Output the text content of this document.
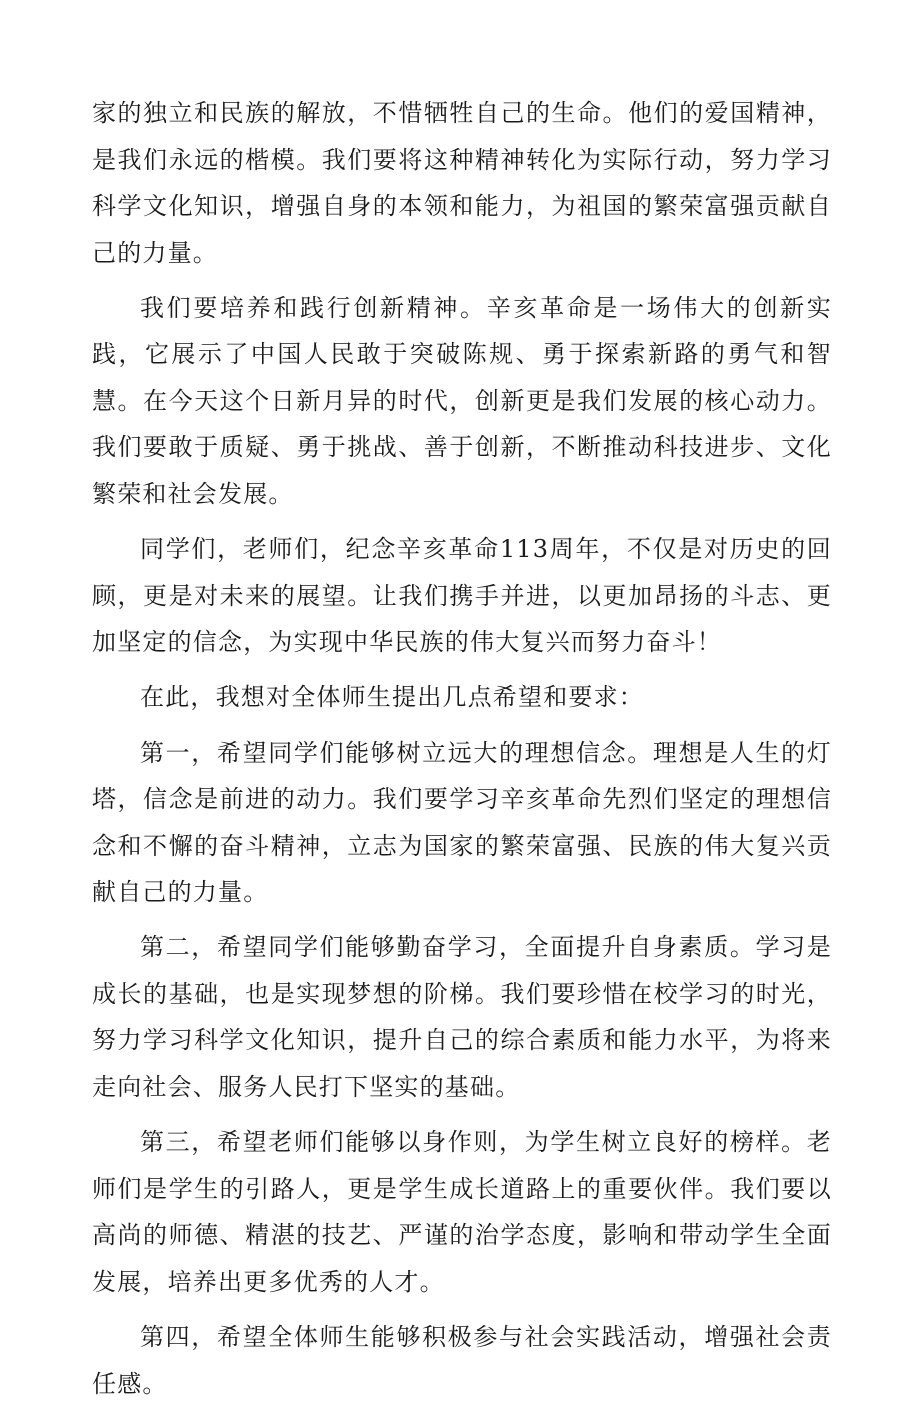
家的独立和民族的解放，不惜牺牲自己的生命。他们的爱国精神，是我们永远的楷模。我们要将这种精神转化为实际行动，努力学习科学文化知识，增强自身的本领和能力，为祖国的繁荣富强贡献自己的力量。

我们要培养和践行创新精神。辛亥革命是一场伟大的创新实践，它展示了中国人民敢于突破陈规、勇于探索新路的勇气和智慧。在今天这个日新月异的时代，创新更是我们发展的核心动力。我们要敢于质疑、勇于挑战、善于创新，不断推动科技进步、文化繁荣和社会发展。

同学们，老师们，纪念辛亥革命113周年，不仅是对历史的回顾，更是对未来的展望。让我们携手并进，以更加昂扬的斗志、更加坚定的信念，为实现中华民族的伟大复兴而努力奋斗！

在此，我想对全体师生提出几点希望和要求：

第一，希望同学们能够树立远大的理想信念。理想是人生的灯塔，信念是前进的动力。我们要学习辛亥革命先烈们坚定的理想信念和不懈的奋斗精神，立志为国家的繁荣富强、民族的伟大复兴贡献自己的力量。

第二，希望同学们能够勤奋学习，全面提升自身素质。学习是成长的基础，也是实现梦想的阶梯。我们要珍惜在校学习的时光，努力学习科学文化知识，提升自己的综合素质和能力水平，为将来走向社会、服务人民打下坚实的基础。

第三，希望老师们能够以身作则，为学生树立良好的榜样。老师们是学生的引路人，更是学生成长道路上的重要伙伴。我们要以高尚的师德、精湛的技艺、严谨的治学态度，影响和带动学生全面发展，培养出更多优秀的人才。

第四，希望全体师生能够积极参与社会实践活动，增强社会责任感。
